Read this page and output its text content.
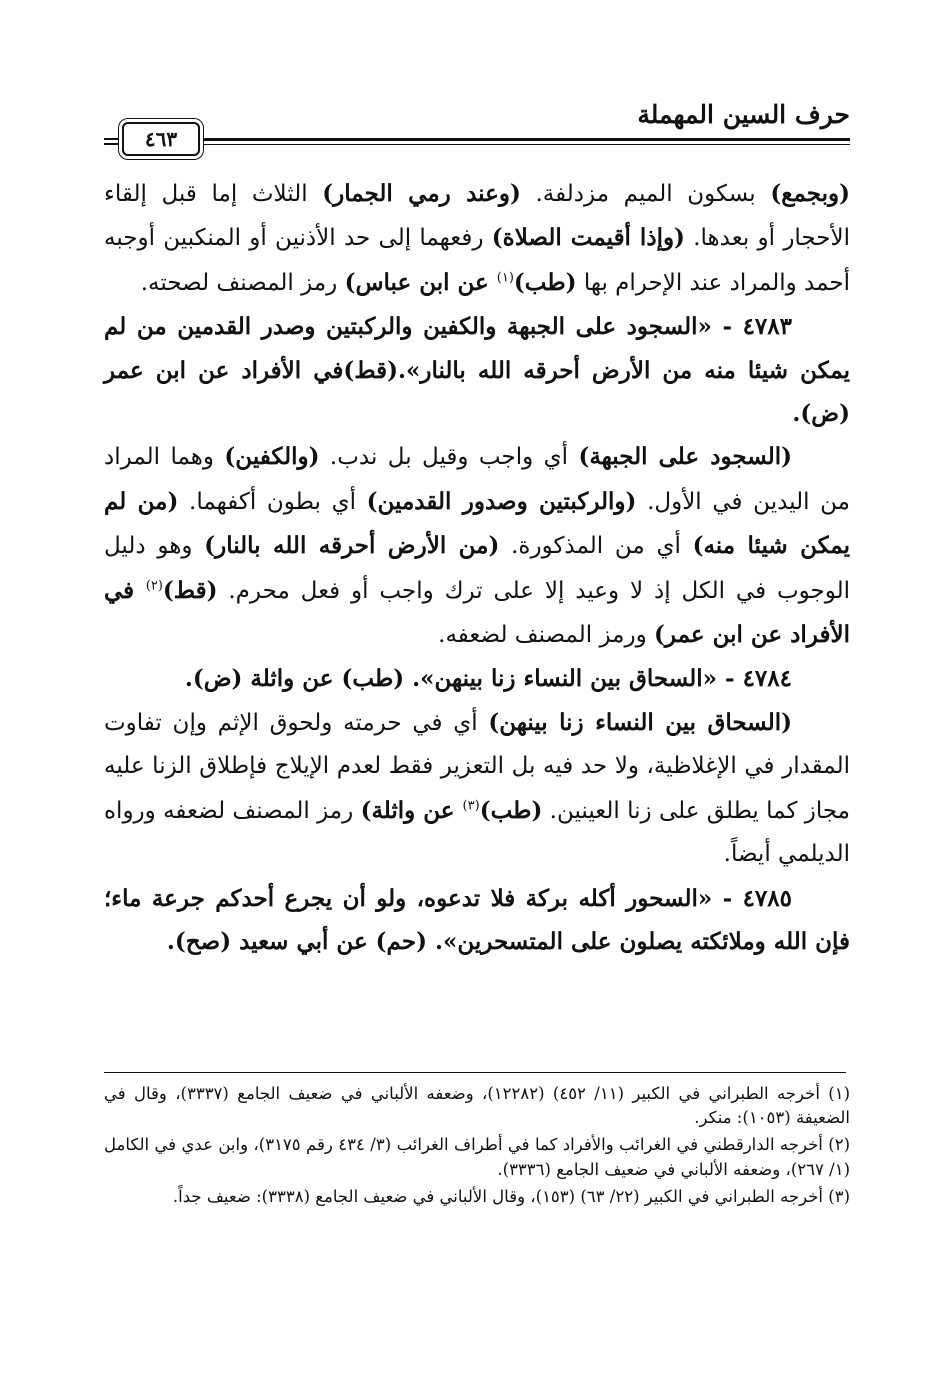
حرف السين المهملة
٤٦٣

(وبجمع) بسكون الميم مزدلفة. (وعند رمي الجمار) الثلاث إما قبل إلقاء الأحجار أو بعدها. (وإذا أقيمت الصلاة) رفعهما إلى حد الأذنين أو المنكبين أوجبه أحمد والمراد عند الإحرام بها (طب)$^{(١)}$ عن ابن عباس) رمز المصنف لصحته.

٤٧٨٣ - «السجود على الجبهة والكفين والركبتين وصدر القدمين من لم يمكن شيئا منه من الأرض أحرقه الله بالنار».(قط)في الأفراد عن ابن عمر (ض).

(السجود على الجبهة) أي واجب وقيل بل ندب. (والكفين) وهما المراد من اليدين في الأول. (والركبتين وصدور القدمين) أي بطون أكفهما. (من لم يمكن شيئا منه) أي من المذكورة. (من الأرض أحرقه الله بالنار) وهو دليل الوجوب في الكل إذ لا وعيد إلا على ترك واجب أو فعل محرم. (قط)$^{(٢)}$ في الأفراد عن ابن عمر) ورمز المصنف لضعفه.

٤٧٨٤ - «السحاق بين النساء زنا بينهن». (طب) عن واثلة (ض).

(السحاق بين النساء زنا بينهن) أي في حرمته ولحوق الإثم وإن تفاوت المقدار في الإغلاظية، ولا حد فيه بل التعزير فقط لعدم الإيلاج فإطلاق الزنا عليه مجاز كما يطلق على زنا العينين. (طب)$^{(٣)}$ عن واثلة) رمز المصنف لضعفه ورواه الديلمي أيضاً.

٤٧٨٥ - «السحور أكله بركة فلا تدعوه، ولو أن يجرع أحدكم جرعة ماء؛ فإن الله وملائكته يصلون على المتسحرين». (حم) عن أبي سعيد (صح).

(١) أخرجه الطبراني في الكبير (١١/ ٤٥٢) (١٢٢٨٢)، وضعفه الألباني في ضعيف الجامع (٣٣٣٧)، وقال في الضعيفة (١٠٥٣): منكر.

(٢) أخرجه الدارقطني في الغرائب والأفراد كما في أطراف الغرائب (٣/ ٤٣٤ رقم ٣١٧٥)، وابن عدي في الكامل (١/ ٢٦٧)، وضعفه الألباني في ضعيف الجامع (٣٣٣٦).

(٣) أخرجه الطبراني في الكبير (٢٢/ ٦٣) (١٥٣)، وقال الألباني في ضعيف الجامع (٣٣٣٨): ضعيف جداً.
